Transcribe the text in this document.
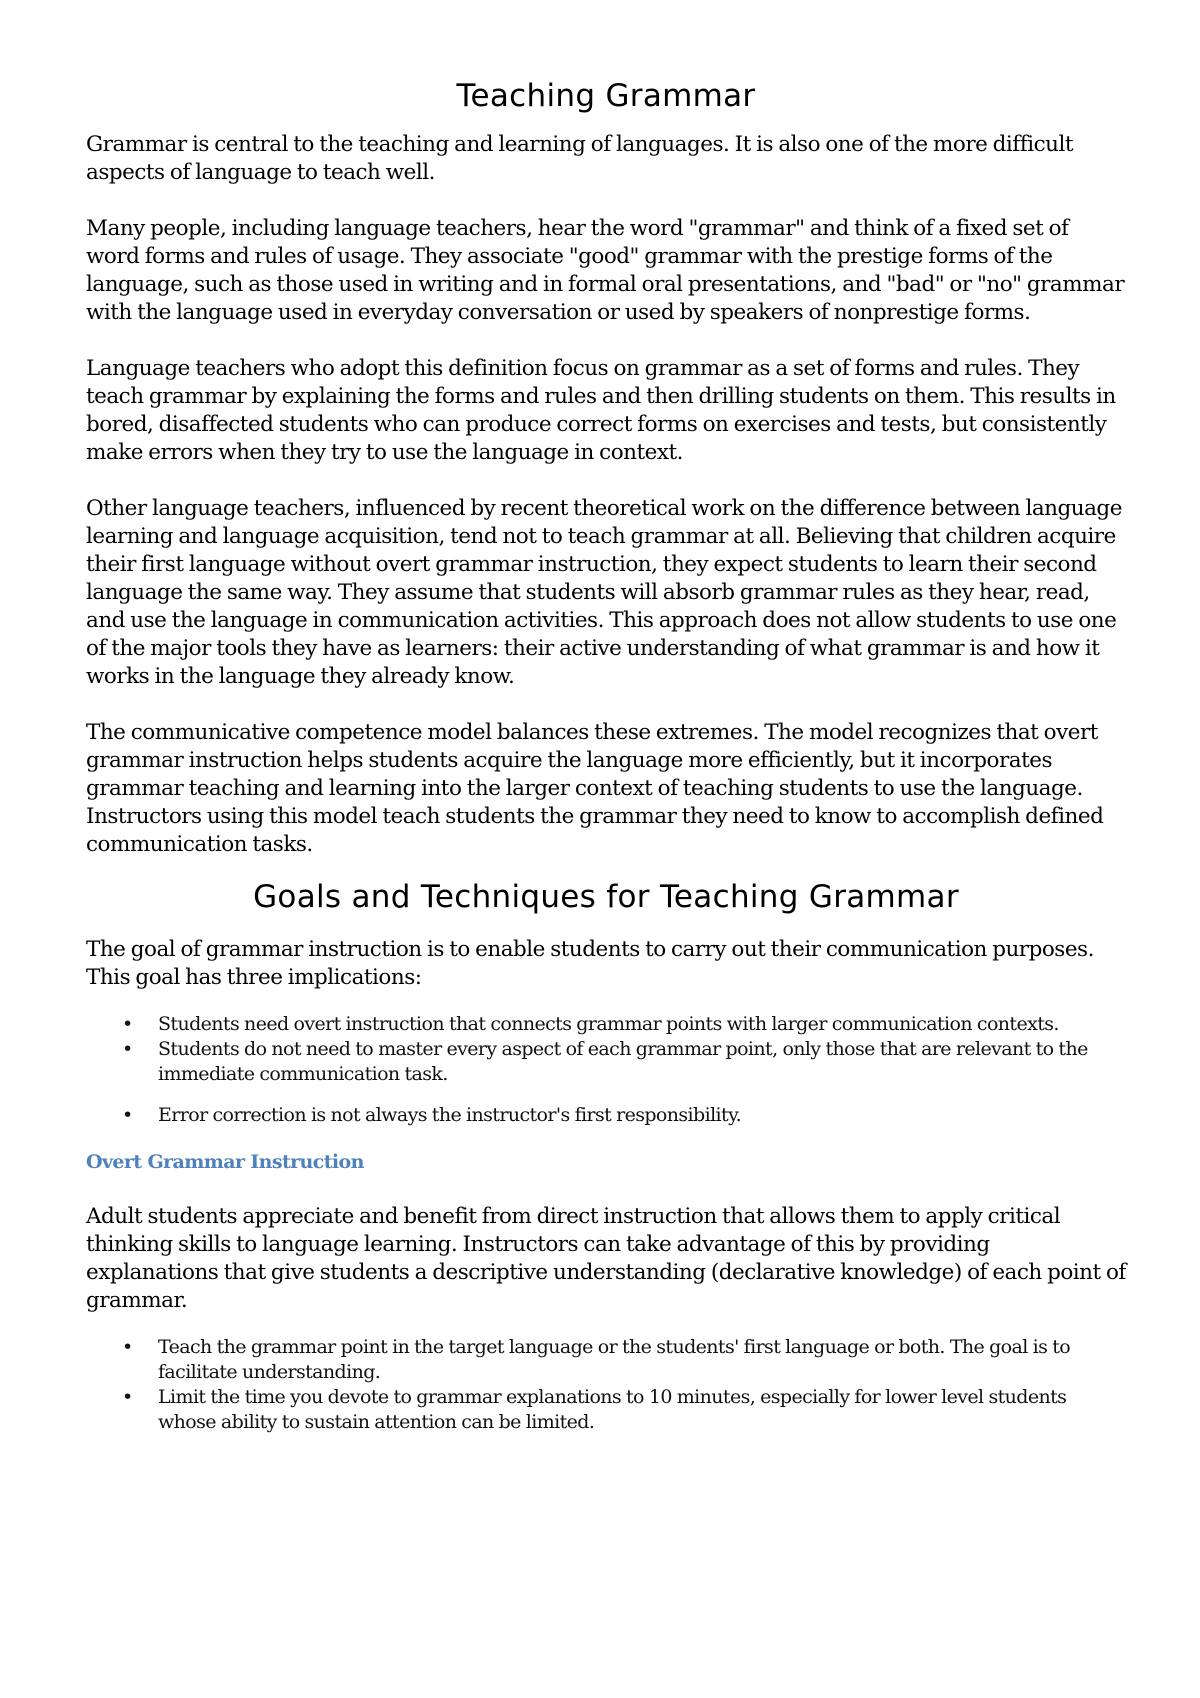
Teaching Grammar

Grammar is central to the teaching and learning of languages. It is also one of the more difficult aspects of language to teach well.

Many people, including language teachers, hear the word "grammar" and think of a fixed set of word forms and rules of usage. They associate "good" grammar with the prestige forms of the language, such as those used in writing and in formal oral presentations, and "bad" or "no" grammar with the language used in everyday conversation or used by speakers of nonprestige forms.

Language teachers who adopt this definition focus on grammar as a set of forms and rules. They teach grammar by explaining the forms and rules and then drilling students on them. This results in bored, disaffected students who can produce correct forms on exercises and tests, but consistently make errors when they try to use the language in context.

Other language teachers, influenced by recent theoretical work on the difference between language learning and language acquisition, tend not to teach grammar at all. Believing that children acquire their first language without overt grammar instruction, they expect students to learn their second language the same way. They assume that students will absorb grammar rules as they hear, read, and use the language in communication activities. This approach does not allow students to use one of the major tools they have as learners: their active understanding of what grammar is and how it works in the language they already know.

The communicative competence model balances these extremes. The model recognizes that overt grammar instruction helps students acquire the language more efficiently, but it incorporates grammar teaching and learning into the larger context of teaching students to use the language. Instructors using this model teach students the grammar they need to know to accomplish defined communication tasks.

Goals and Techniques for Teaching Grammar

The goal of grammar instruction is to enable students to carry out their communication purposes. This goal has three implications:

• Students need overt instruction that connects grammar points with larger communication contexts.
• Students do not need to master every aspect of each grammar point, only those that are relevant to the immediate communication task.
• Error correction is not always the instructor's first responsibility.
Overt Grammar Instruction

Adult students appreciate and benefit from direct instruction that allows them to apply critical thinking skills to language learning. Instructors can take advantage of this by providing explanations that give students a descriptive understanding (declarative knowledge) of each point of grammar.

• Teach the grammar point in the target language or the students' first language or both. The goal is to facilitate understanding.
• Limit the time you devote to grammar explanations to 10 minutes, especially for lower level students whose ability to sustain attention can be limited.
